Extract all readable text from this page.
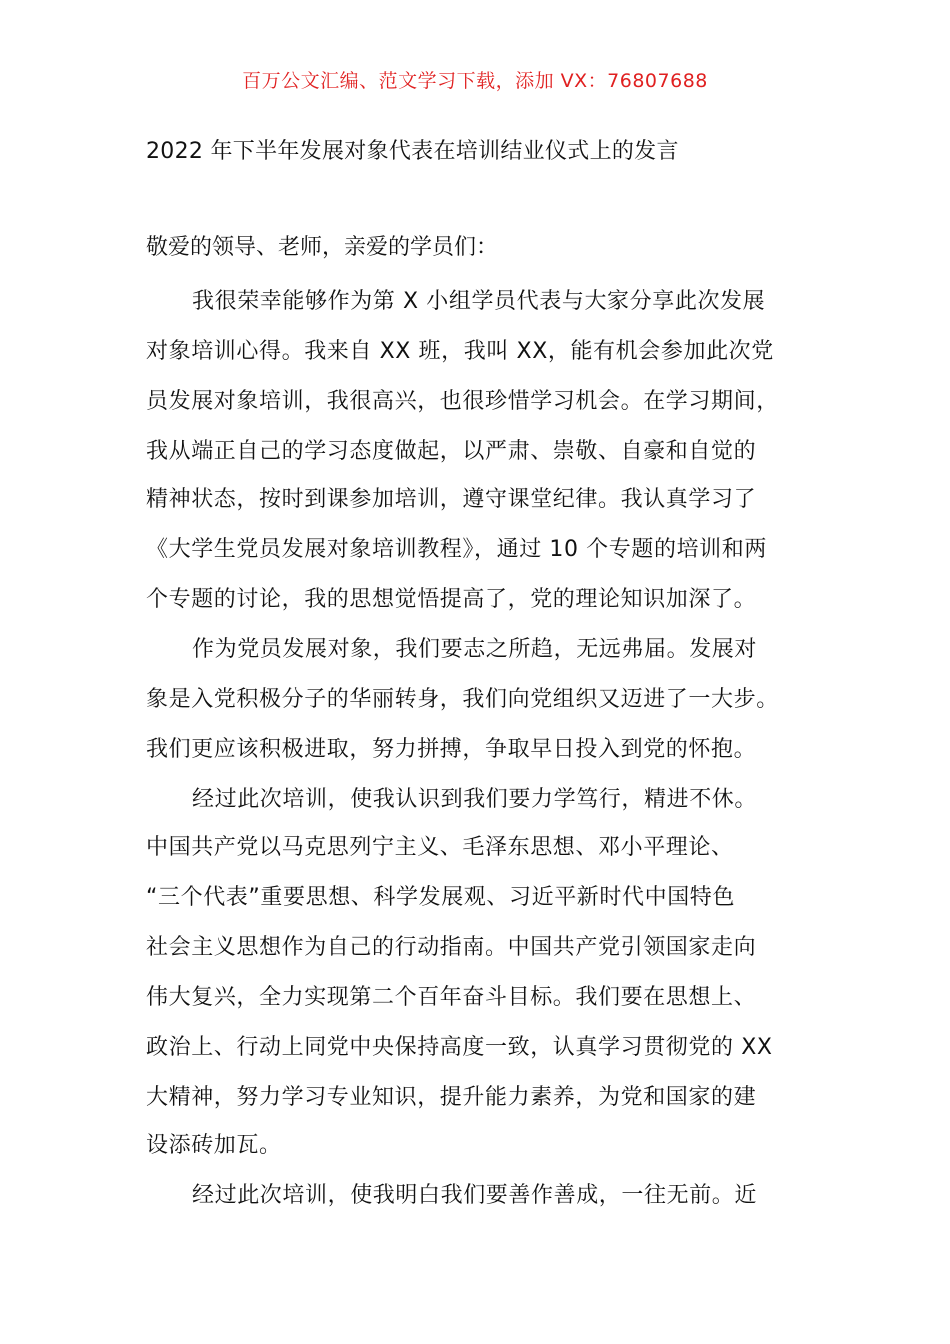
百万公文汇编、范文学习下载，添加 VX：76807688
2022 年下半年发展对象代表在培训结业仪式上的发言
敬爱的领导、老师，亲爱的学员们：
我很荣幸能够作为第 X 小组学员代表与大家分享此次发展
对象培训心得。我来自 XX 班，我叫 XX，能有机会参加此次党
员发展对象培训，我很高兴，也很珍惜学习机会。在学习期间，
我从端正自己的学习态度做起，以严肃、崇敬、自豪和自觉的
精神状态，按时到课参加培训，遵守课堂纪律。我认真学习了
《大学生党员发展对象培训教程》，通过 10 个专题的培训和两
个专题的讨论，我的思想觉悟提高了，党的理论知识加深了。
作为党员发展对象，我们要志之所趋，无远弗届。发展对
象是入党积极分子的华丽转身，我们向党组织又迈进了一大步。
我们更应该积极进取，努力拼搏，争取早日投入到党的怀抱。
经过此次培训，使我认识到我们要力学笃行，精进不休。
中国共产党以马克思列宁主义、毛泽东思想、邓小平理论、
“三个代表”重要思想、科学发展观、习近平新时代中国特色
社会主义思想作为自己的行动指南。中国共产党引领国家走向
伟大复兴，全力实现第二个百年奋斗目标。我们要在思想上、
政治上、行动上同党中央保持高度一致，认真学习贯彻党的 XX
大精神，努力学习专业知识，提升能力素养，为党和国家的建
设添砖加瓦。
经过此次培训，使我明白我们要善作善成，一往无前。近
